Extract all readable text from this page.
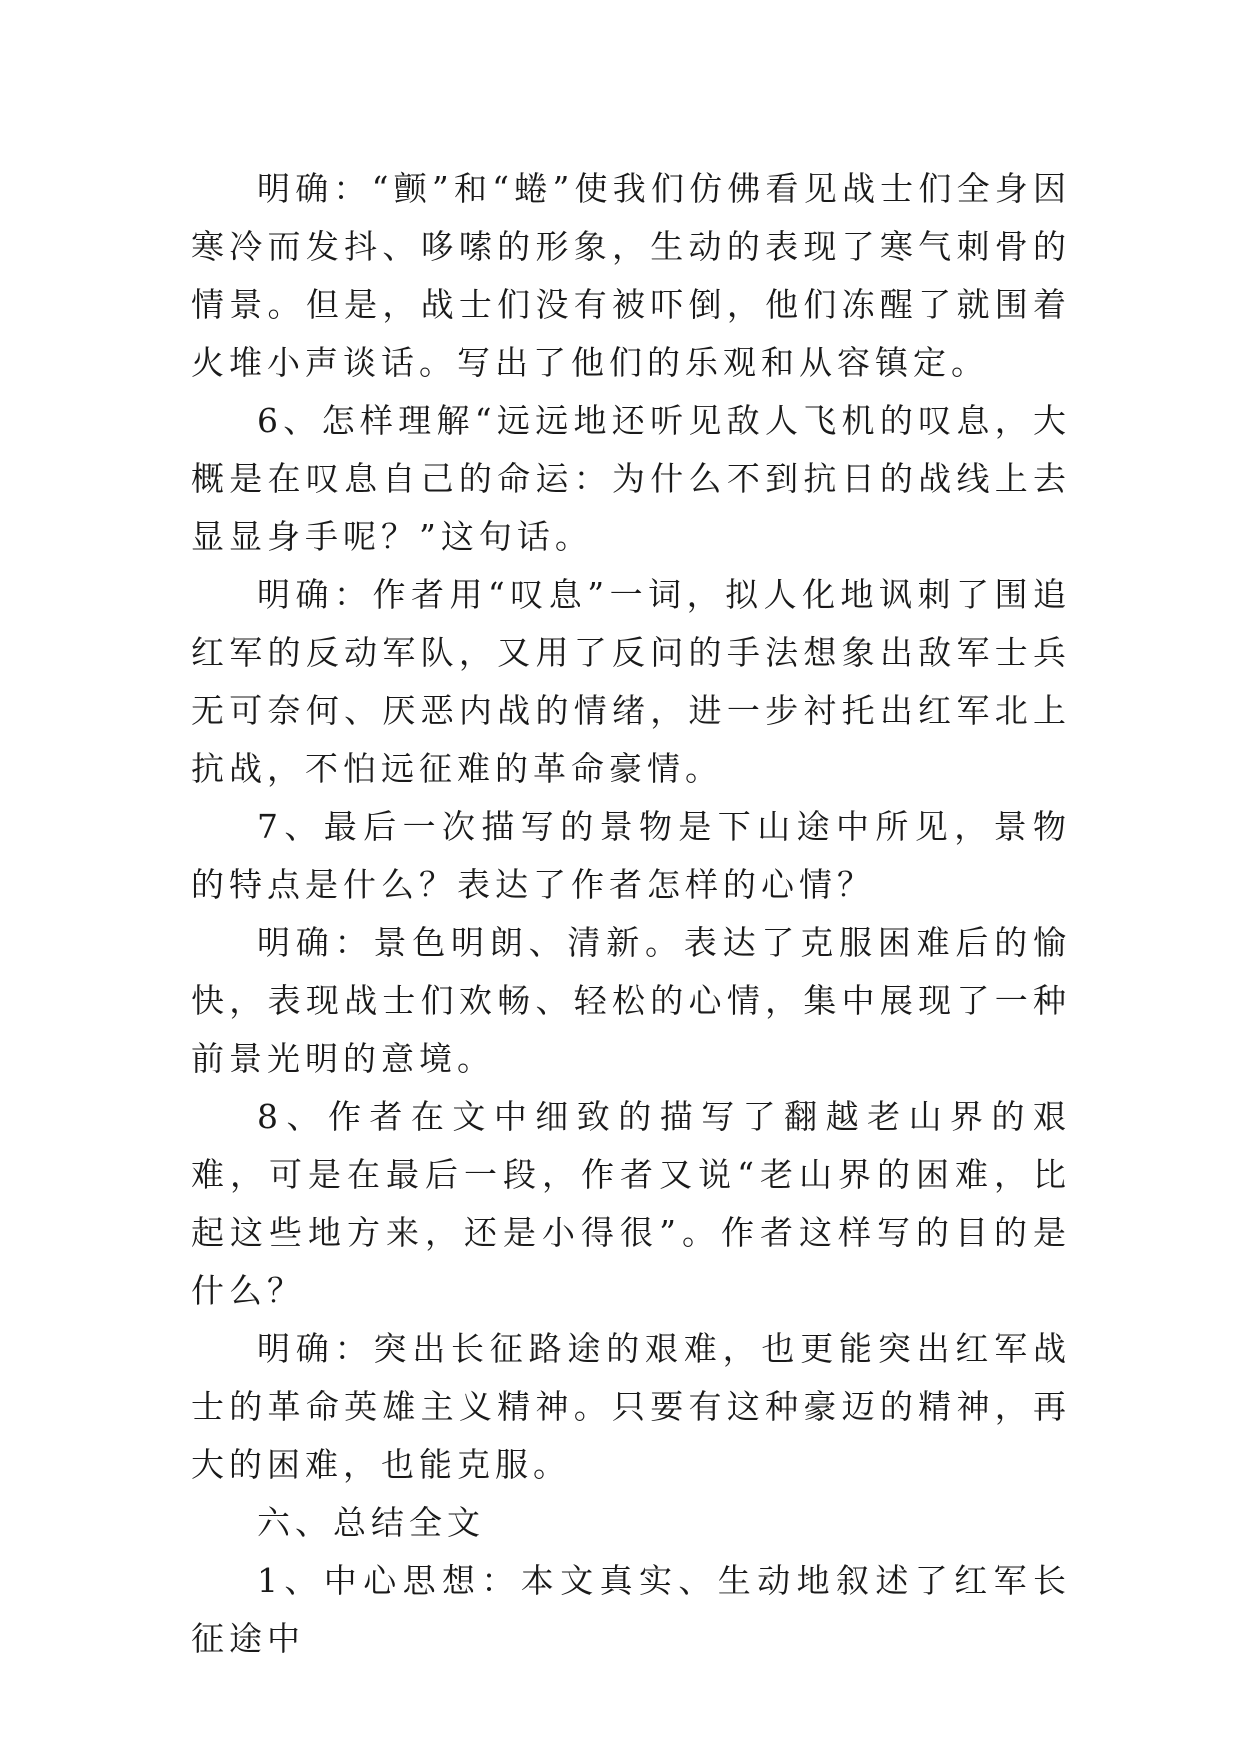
明确：“颤”和“蜷”使我们仿佛看见战士们全身因寒冷而发抖、哆嗦的形象，生动的表现了寒气刺骨的情景。但是，战士们没有被吓倒，他们冻醒了就围着火堆小声谈话。写出了他们的乐观和从容镇定。

6、怎样理解“远远地还听见敌人飞机的叹息，大概是在叹息自己的命运：为什么不到抗日的战线上去显显身手呢？”这句话。

明确：作者用“叹息”一词，拟人化地讽刺了围追红军的反动军队，又用了反问的手法想象出敌军士兵无可奈何、厌恶内战的情绪，进一步衬托出红军北上抗战，不怕远征难的革命豪情。

7、最后一次描写的景物是下山途中所见，景物的特点是什么？表达了作者怎样的心情？

明确：景色明朗、清新。表达了克服困难后的愉快，表现战士们欢畅、轻松的心情，集中展现了一种前景光明的意境。

8、作者在文中细致的描写了翻越老山界的艰难，可是在最后一段，作者又说“老山界的困难，比起这些地方来，还是小得很”。作者这样写的目的是什么？

明确：突出长征路途的艰难，也更能突出红军战士的革命英雄主义精神。只要有这种豪迈的精神，再大的困难，也能克服。

六、总结全文

1、中心思想：本文真实、生动地叙述了红军长征途中
